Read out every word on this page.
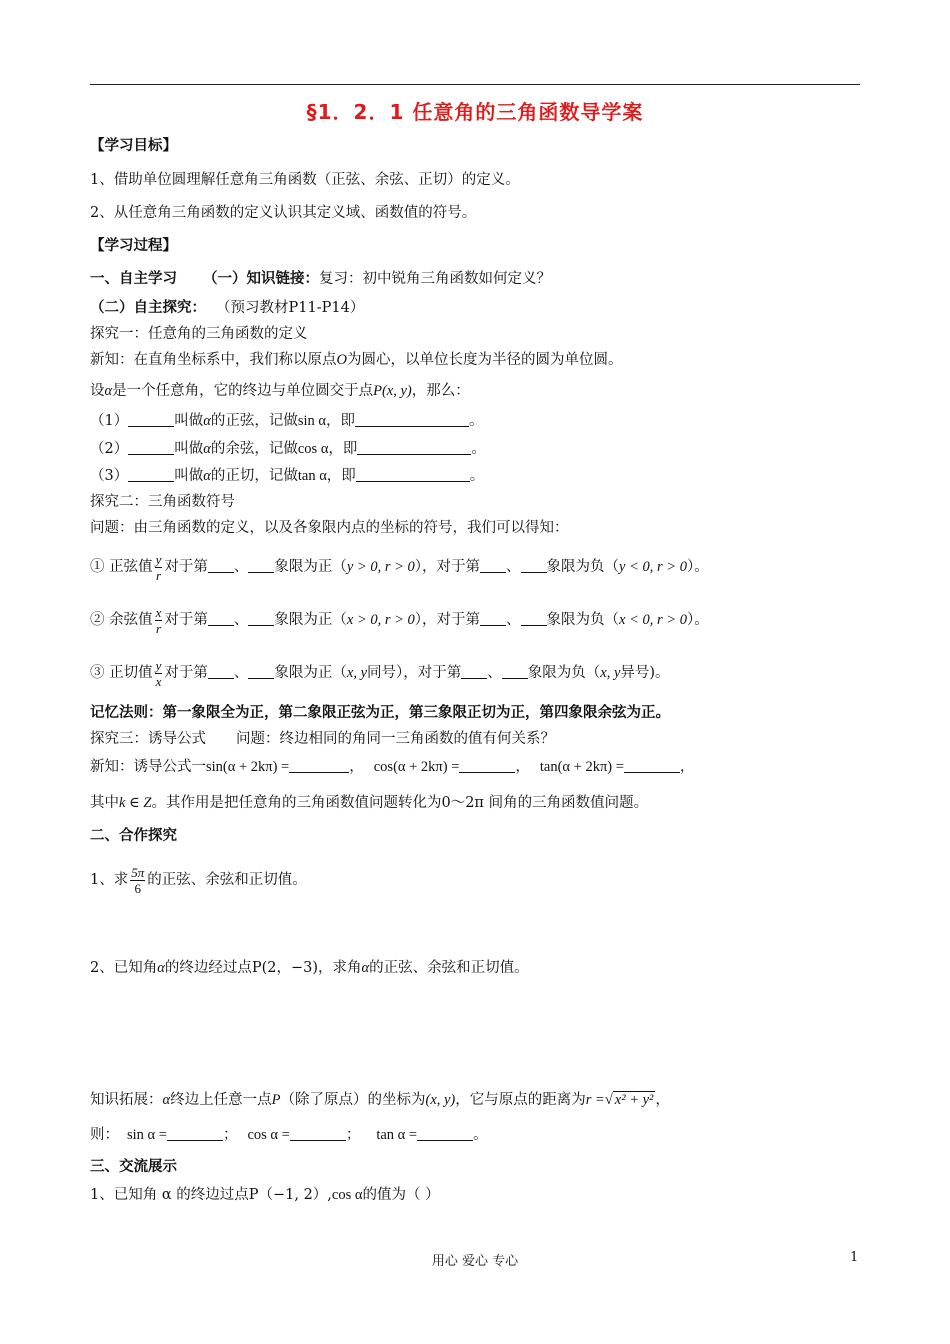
§1．2．1 任意角的三角函数导学案
【学习目标】
1、借助单位圆理解任意角三角函数（正弦、余弦、正切）的定义。
2、从任意角三角函数的定义认识其定义域、函数值的符号。
【学习过程】
一、自主学习 （一）知识链接：复习：初中锐角三角函数如何定义？
（二）自主探究： （预习教材P11-P14）
探究一：任意角的三角函数的定义
新知：在直角坐标系中，我们称以原点O为圆心，以单位长度为半径的圆为单位圆。
设α是一个任意角，它的终边与单位圆交于点P(x, y)，那么：
（1）	叫做α的正弦，记做sin α，即	。
（2）	叫做α的余弦，记做cos α，即	。
（3）	叫做α的正切，记做tan α，即	。
探究二：三角函数符号
问题：由三角函数的定义，以及各象限内点的坐标的符号，我们可以得知：
① 正弦值 $\frac{y}{r}$ 对于第 、 象限为正（y > 0, r > 0），对于第 、 象限为负（y < 0, r > 0）。
② 余弦值 $\frac{x}{r}$ 对于第 、 象限为正（x > 0, r > 0），对于第 、 象限为负（x < 0, r > 0）。
③ 正切值 $\frac{y}{x}$ 对于第 、 象限为正（x, y同号），对于第 、 象限为负（x, y异号)。
记忆法则：第一象限全为正，第二象限正弦为正，第三象限正切为正，第四象限余弦为正。
探究三：诱导公式 问题：终边相同的角同一三角函数的值有何关系？
新知：诱导公式一sin(α + 2kπ) =	， cos(α + 2kπ) =	， tan(α + 2kπ) =	，
其中k ∈ Z。其作用是把任意角的三角函数值问题转化为0～2π 间角的三角函数值问题。
二、合作探究
1、求 $\frac{5\pi}{6}$ 的正弦、余弦和正切值。
2、已知角α的终边经过点P(2，−3)，求角α的正弦、余弦和正切值。
知识拓展：α终边上任意一点P（除了原点）的坐标为(x, y)，它与原点的距离为r =√ x² + y² ，
则： sin α =	； cos α =	； tan α =	。
三、交流展示
1、已知角 α 的终边过点P（−1, 2）,cos α的值为（ ）
用心 爱心 专心	1
